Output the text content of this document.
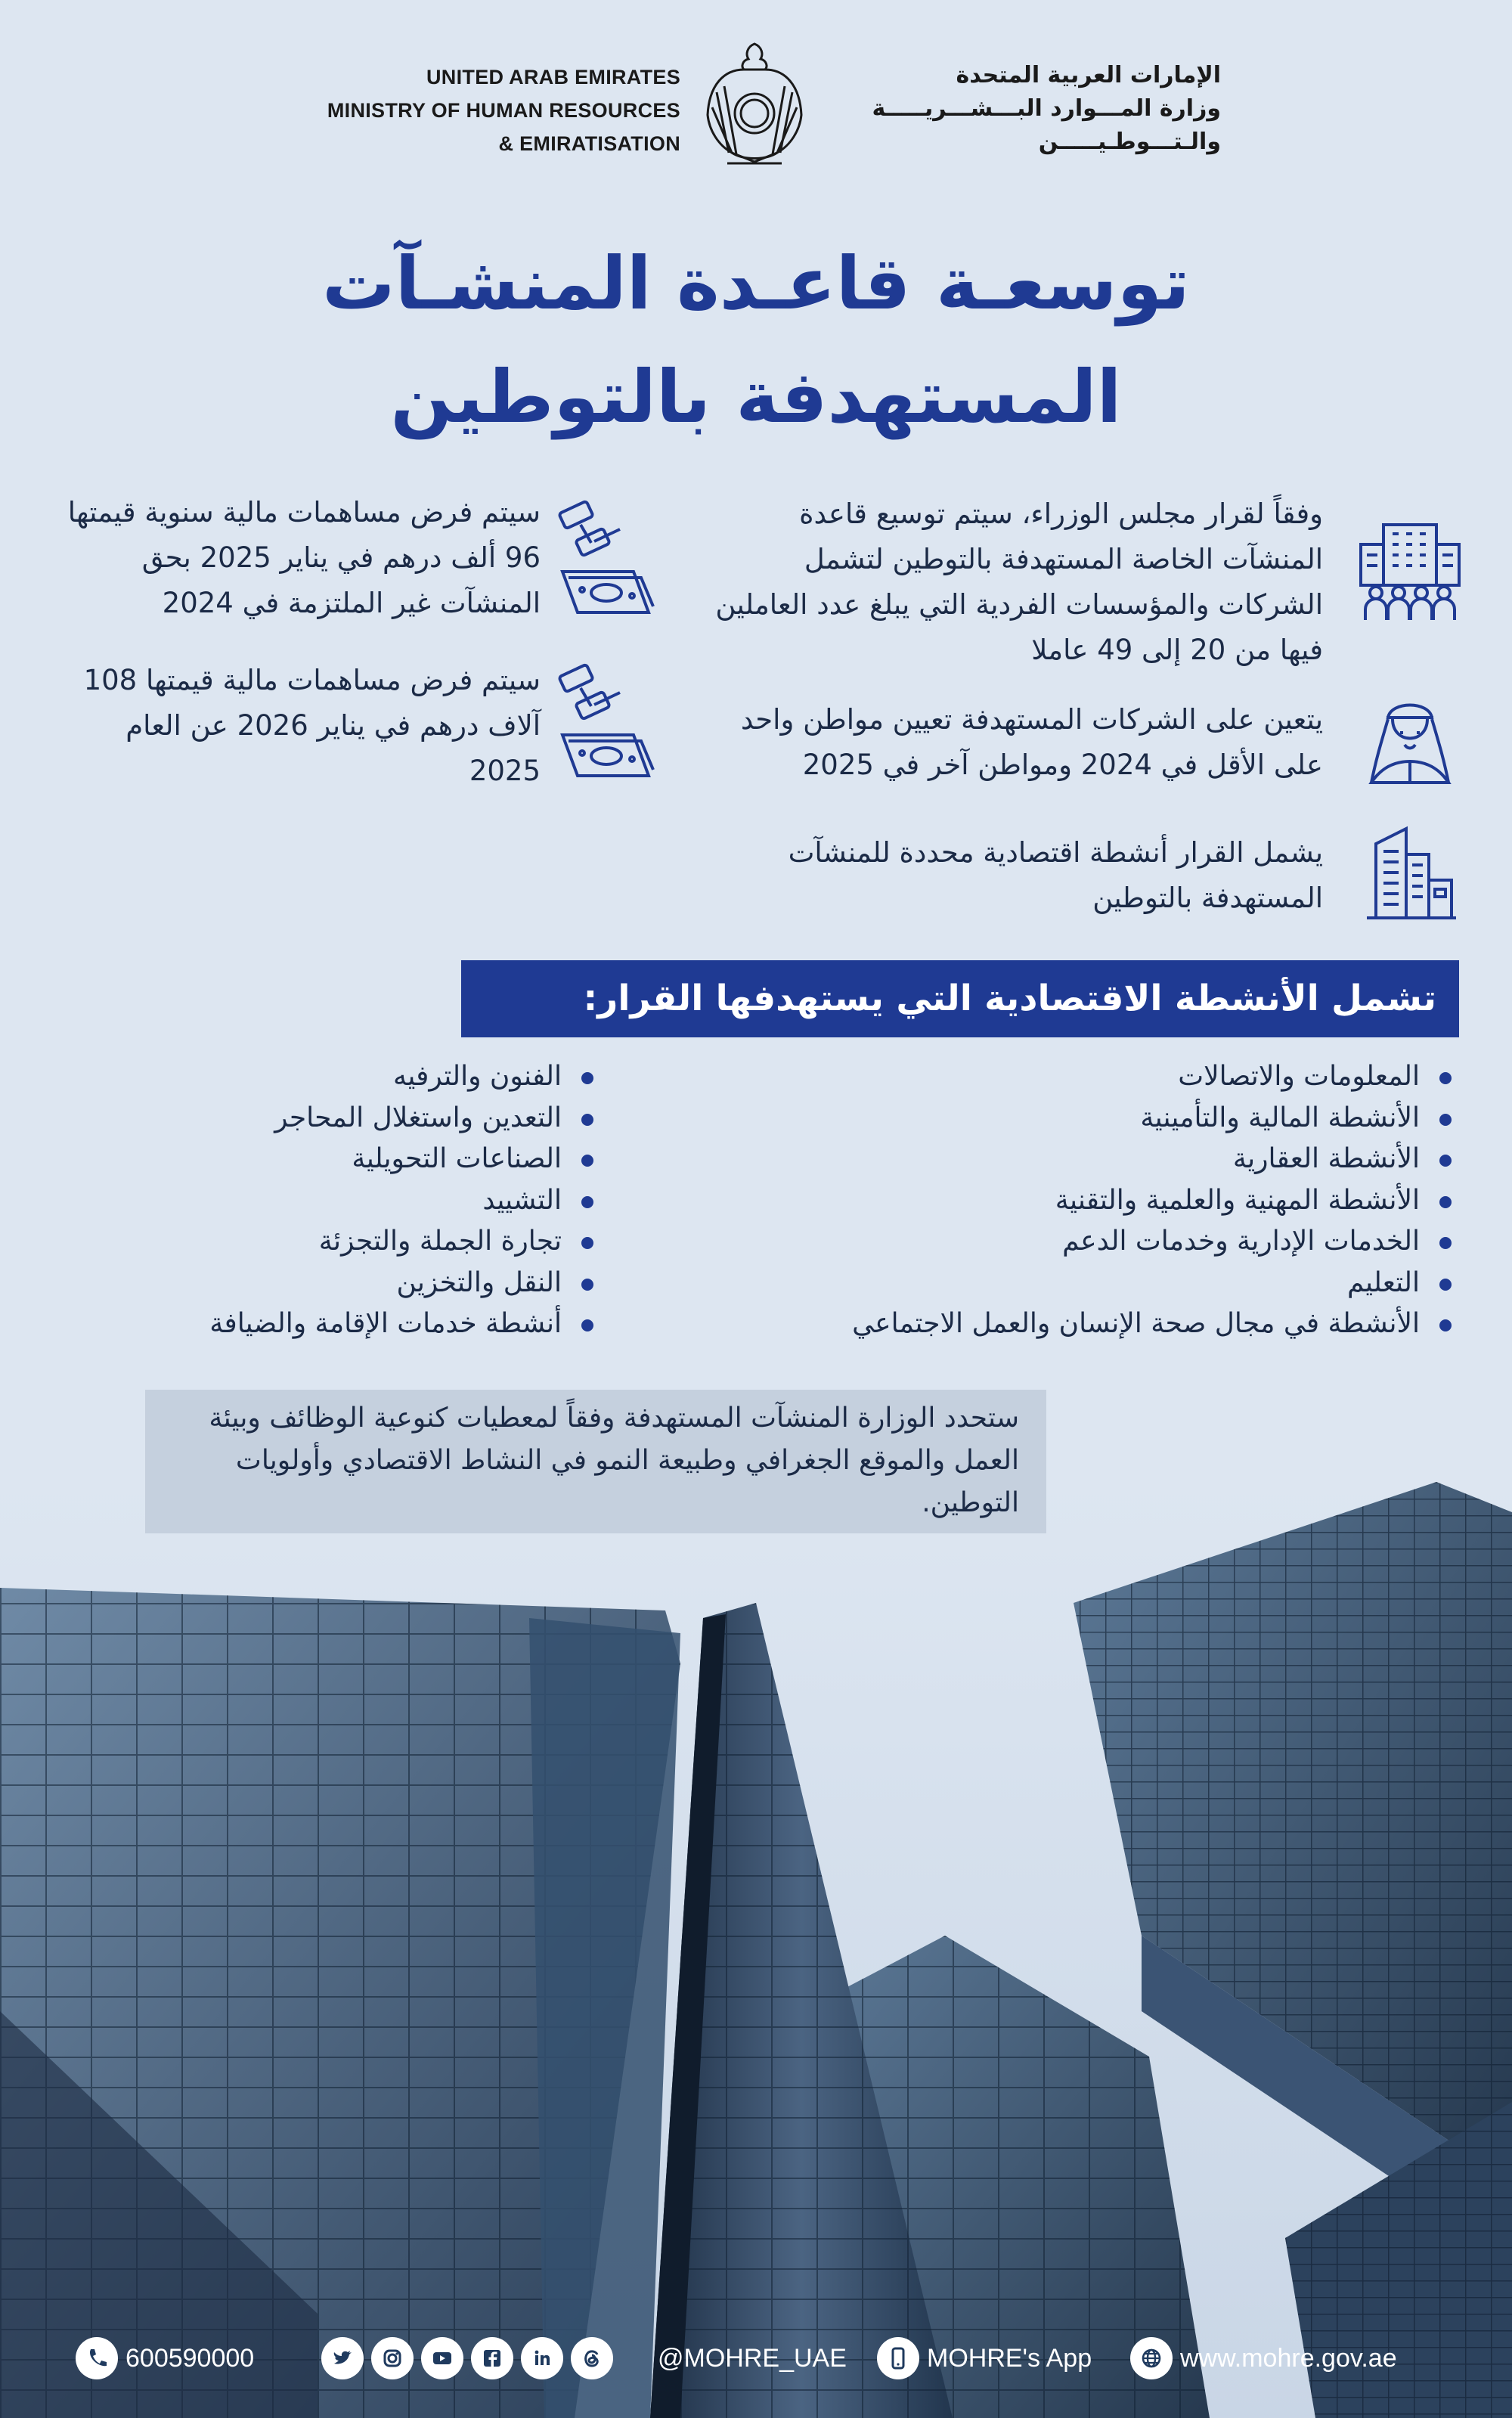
UNITED ARAB EMIRATES
MINISTRY OF HUMAN RESOURCES
& EMIRATISATION
الإمارات العربية المتحدة
وزارة المـــوارد البـــشـــريـــــة
والـتـــوطـيـــــن
توسعـة قاعـدة المنشـآت
المستهدفة بالتوطين
وفقاً لقرار مجلس الوزراء، سيتم توسيع قاعدة المنشآت الخاصة المستهدفة بالتوطين لتشمل الشركات والمؤسسات الفردية التي يبلغ عدد العاملين فيها من 20 إلى 49 عاملا
يتعين على الشركات المستهدفة تعيين مواطن واحد على الأقل في 2024 ومواطن آخر في 2025
يشمل القرار أنشطة اقتصادية محددة للمنشآت المستهدفة بالتوطين
سيتم فرض مساهمات مالية سنوية قيمتها 96 ألف درهم في يناير 2025 بحق المنشآت غير الملتزمة في 2024
سيتم فرض مساهمات مالية قيمتها 108 آلاف درهم في يناير 2026 عن العام 2025
تشمل الأنشطة الاقتصادية التي يستهدفها القرار:
المعلومات والاتصالات
الأنشطة المالية والتأمينية
الأنشطة العقارية
الأنشطة المهنية والعلمية والتقنية
الخدمات الإدارية وخدمات الدعم
التعليم
الأنشطة في مجال صحة الإنسان والعمل الاجتماعي
الفنون والترفيه
التعدين واستغلال المحاجر
الصناعات التحويلية
التشييد
تجارة الجملة والتجزئة
النقل والتخزين
أنشطة خدمات الإقامة والضيافة
ستحدد الوزارة المنشآت المستهدفة وفقاً لمعطيات كنوعية الوظائف وبيئة العمل والموقع الجغرافي وطبيعة النمو في النشاط الاقتصادي وأولويات التوطين.
600590000	@MOHRE_UAE	MOHRE's App	www.mohre.gov.ae
